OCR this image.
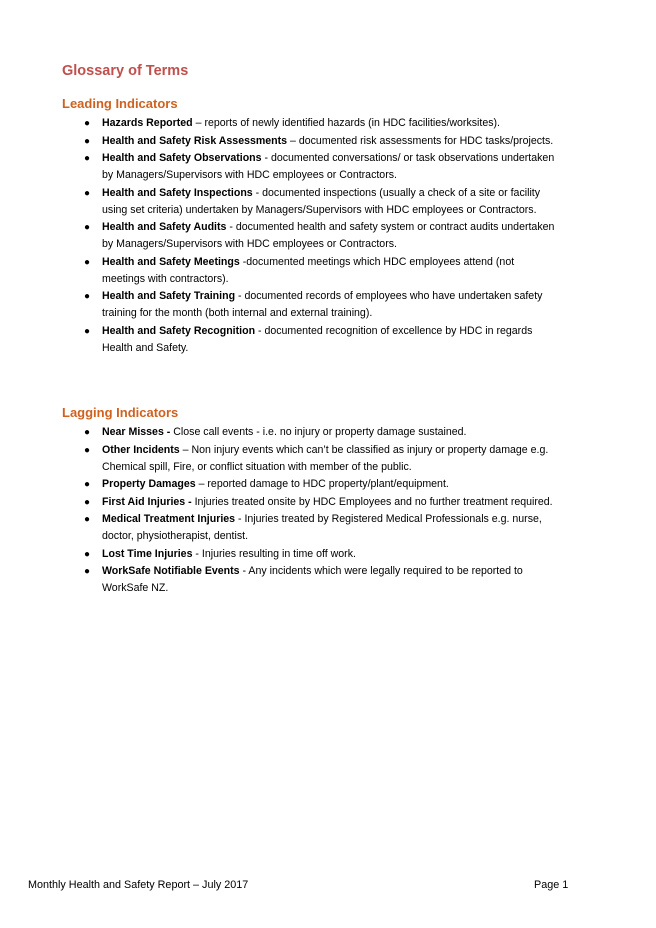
Glossary of Terms
Leading Indicators
● Hazards Reported – reports of newly identified hazards (in HDC facilities/worksites).
● Health and Safety Risk Assessments – documented risk assessments for HDC tasks/projects.
● Health and Safety Observations - documented conversations/ or task observations undertaken by Managers/Supervisors with HDC employees or Contractors.
● Health and Safety Inspections - documented inspections (usually a check of a site or facility using set criteria) undertaken by Managers/Supervisors with HDC employees or Contractors.
● Health and Safety Audits - documented health and safety system or contract audits undertaken by Managers/Supervisors with HDC employees or Contractors.
● Health and Safety Meetings -documented meetings which HDC employees attend (not meetings with contractors).
● Health and Safety Training - documented records of employees who have undertaken safety training for the month (both internal and external training).
● Health and Safety Recognition - documented recognition of excellence by HDC in regards Health and Safety.
Lagging Indicators
● Near Misses - Close call events - i.e. no injury or property damage sustained.
● Other Incidents – Non injury events which can’t be classified as injury or property damage e.g. Chemical spill, Fire, or conflict situation with member of the public.
● Property Damages – reported damage to HDC property/plant/equipment.
● First Aid Injuries - Injuries treated onsite by HDC Employees and no further treatment required.
● Medical Treatment Injuries - Injuries treated by Registered Medical Professionals e.g. nurse, doctor, physiotherapist, dentist.
● Lost Time Injuries - Injuries resulting in time off work.
● WorkSafe Notifiable Events - Any incidents which were legally required to be reported to WorkSafe NZ.
Monthly Health and Safety Report – July 2017	Page 1
